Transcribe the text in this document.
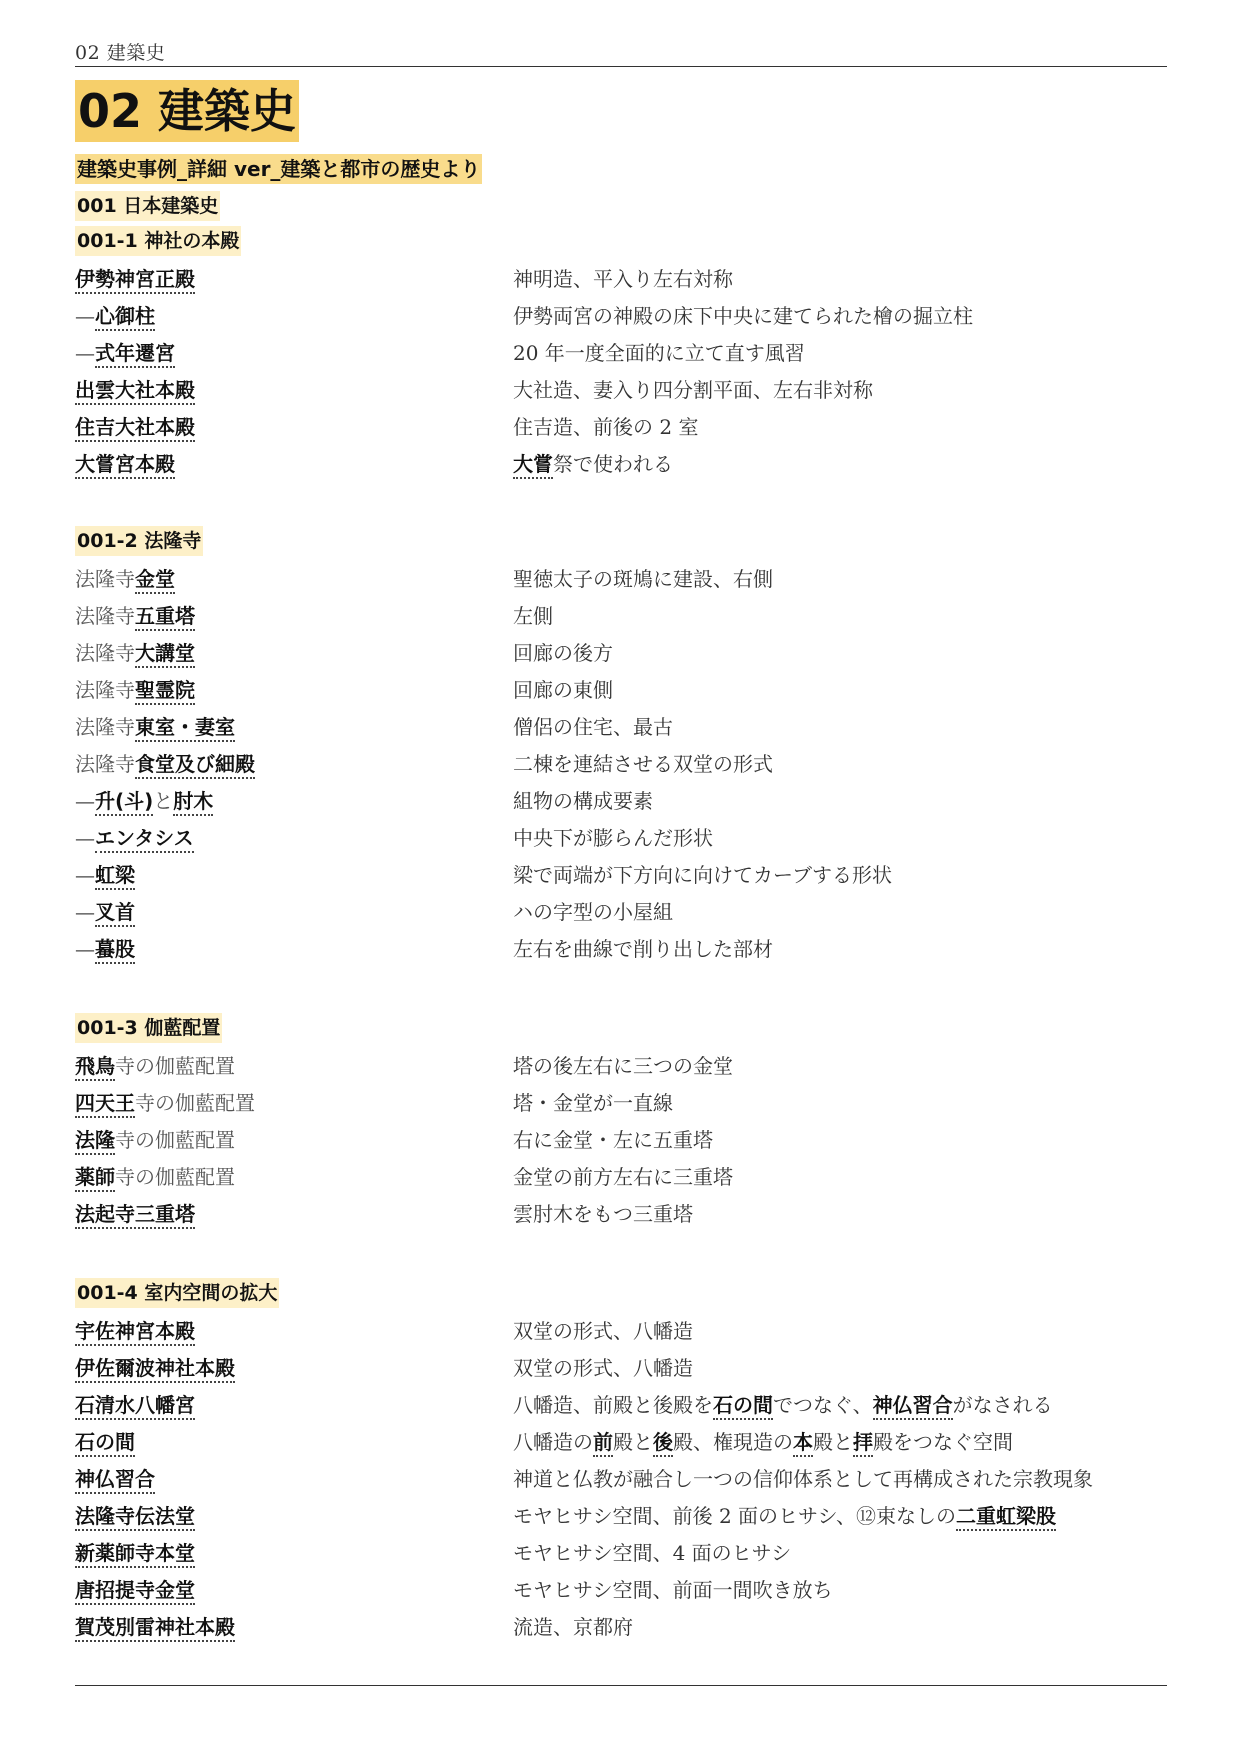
02 建築史
02 建築史
建築史事例_詳細 ver_建築と都市の歴史より
001 日本建築史
001-1 神社の本殿
伊勢神宮正殿	神明造、平入り左右対称
—心御柱	伊勢両宮の神殿の床下中央に建てられた檜の掘立柱
—式年遷宮	20 年一度全面的に立て直す風習
出雲大社本殿	大社造、妻入り四分割平面、左右非対称
住吉大社本殿	住吉造、前後の 2 室
大嘗宮本殿	大嘗祭で使われる
001-2 法隆寺
法隆寺金堂	聖徳太子の斑鳩に建設、右側
法隆寺五重塔	左側
法隆寺大講堂	回廊の後方
法隆寺聖霊院	回廊の東側
法隆寺東室・妻室	僧侶の住宅、最古
法隆寺食堂及び細殿	二棟を連結させる双堂の形式
—升(斗)と肘木	組物の構成要素
—エンタシス	中央下が膨らんだ形状
—虹梁	梁で両端が下方向に向けてカーブする形状
—叉首	ハの字型の小屋組
—蟇股	左右を曲線で削り出した部材
001-3 伽藍配置
飛鳥寺の伽藍配置	塔の後左右に三つの金堂
四天王寺の伽藍配置	塔・金堂が一直線
法隆寺の伽藍配置	右に金堂・左に五重塔
薬師寺の伽藍配置	金堂の前方左右に三重塔
法起寺三重塔	雲肘木をもつ三重塔
001-4 室内空間の拡大
宇佐神宮本殿	双堂の形式、八幡造
伊佐爾波神社本殿	双堂の形式、八幡造
石清水八幡宮	八幡造、前殿と後殿を石の間でつなぐ、神仏習合がなされる
石の間	八幡造の前殿と後殿、権現造の本殿と拝殿をつなぐ空間
神仏習合	神道と仏教が融合し一つの信仰体系として再構成された宗教現象
法隆寺伝法堂	モヤヒサシ空間、前後 2 面のヒサシ、⑫束なしの二重虹梁股
新薬師寺本堂	モヤヒサシ空間、4 面のヒサシ
唐招提寺金堂	モヤヒサシ空間、前面一間吹き放ち
賀茂別雷神社本殿	流造、京都府
